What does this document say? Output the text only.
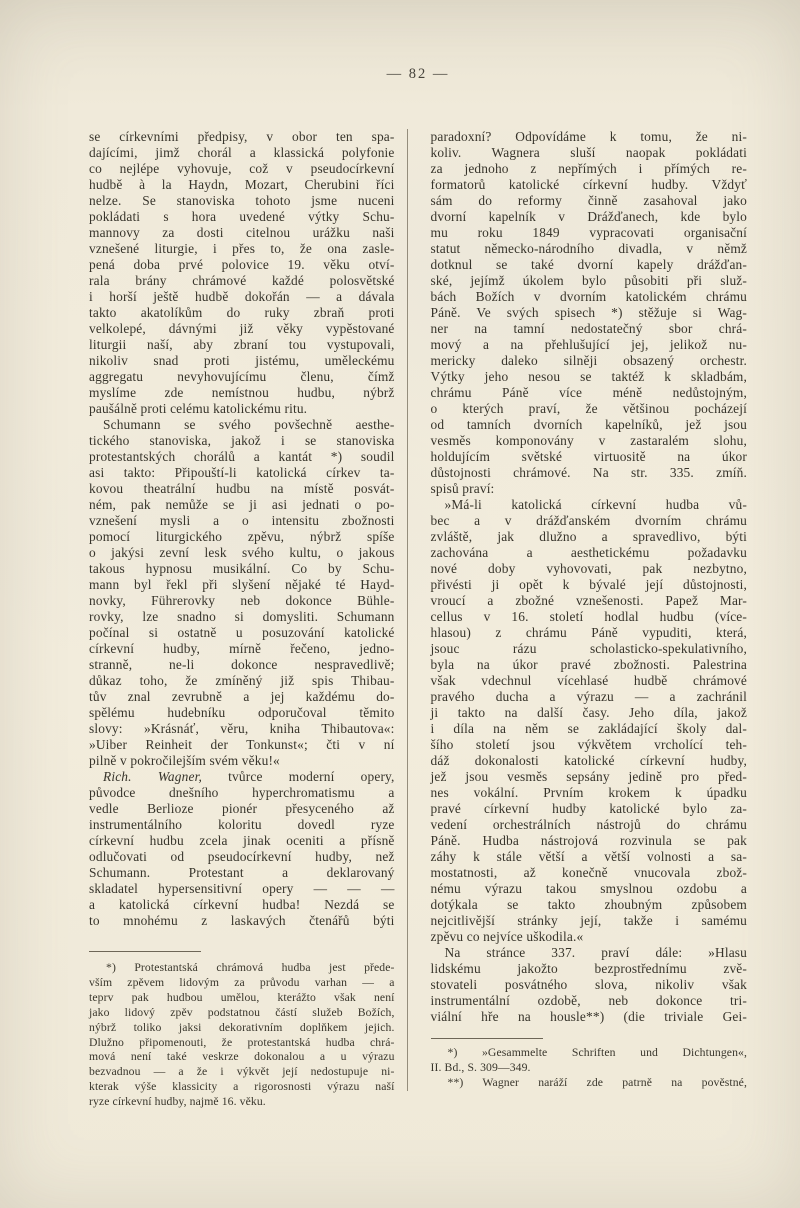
— 82 —
se církevními předpisy, v obor ten spa-
dajícími, jimž chorál a klassická polyfonie
co nejlépe vyhovuje, což v pseudocírkevní
hudbě à la Haydn, Mozart, Cherubini říci
nelze. Se stanoviska tohoto jsme nuceni
pokládati s hora uvedené výtky Schu-
mannovy za dosti citelnou urážku naši
vznešené liturgie, i přes to, že ona zasle-
pená doba prvé polovice 19. věku otví-
rala brány chrámové každé polosvětské
i horší ještě hudbě dokořán — a dávala
takto akatolíkům do ruky zbraň proti
velkolepé, dávnými již věky vypěstované
liturgii naší, aby zbraní tou vystupovali,
nikoliv snad proti jistému, uměleckému
aggregatu nevyhovujícímu členu, čímž
myslíme zde nemístnou hudbu, nýbrž
paušálně proti celému katolickému ritu.
Schumann se svého povšechně aesthe-
tického stanoviska, jakož i se stanoviska
protestantských chorálů a kantát *) soudil
asi takto: Připouští-li katolická církev ta-
kovou theatrální hudbu na místě posvát-
ném, pak nemůže se ji asi jednati o po-
vznešení mysli a o intensitu zbožnosti
pomocí liturgického zpěvu, nýbrž spíše
o jakýsi zevní lesk svého kultu, o jakous
takous hypnosu musikální. Co by Schu-
mann byl řekl při slyšení nějaké té Hayd-
novky, Führerovky neb dokonce Bühle-
rovky, lze snadno si domysliti. Schumann
počínal si ostatně u posuzování katolické
církevní hudby, mírně řečeno, jedno-
stranně, ne-li dokonce nespravedlivě;
důkaz toho, že zmíněný již spis Thibau-
tův znal zevrubně a jej každému do-
spělému hudebníku odporučoval těmito
slovy: »Krásnáť, věru, kniha Thibautova«:
»Uiber Reinheit der Tonkunst«; čti v ní
pilně v pokročilejším svém věku!«
Rich. Wagner, tvůrce moderní opery,
původce dnešního hyperchromatismu a
vedle Berlioze pionér přesyceného až
instrumentálního koloritu dovedl ryze
církevní hudbu zcela jinak oceniti a přísně
odlučovati od pseudocírkevní hudby, než
Schumann. Protestant a deklarovaný
skladatel hypersensitivní opery — — —
a katolická církevní hudba! Nezdá se
to mnohému z laskavých čtenářů býti
*) Protestantská chrámová hudba jest přede-
vším zpěvem lidovým za průvodu varhan — a
teprv pak hudbou umělou, kterážto však není
jako lidový zpěv podstatnou částí služeb Božích,
nýbrž toliko jaksi dekorativním doplňkem jejich.
Dlužno připomenouti, že protestantská hudba chrá-
mová není také veskrze dokonalou a u výrazu
bezvadnou — a že i výkvět její nedostupuje ni-
kterak výše klassicity a rigorosnosti výrazu naší
ryze církevní hudby, najmě 16. věku.
paradoxní? Odpovídáme k tomu, že ni-
koliv. Wagnera sluší naopak pokládati
za jednoho z nepřímých i přímých re-
formatorů katolické církevní hudby. Vždyť
sám do reformy činně zasahoval jako
dvorní kapelník v Drážďanech, kde bylo
mu roku 1849 vypracovati organisační
statut německo-národního divadla, v němž
dotknul se také dvorní kapely drážďan-
ské, jejímž úkolem bylo působiti při služ-
bách Božích v dvorním katolickém chrámu
Páně. Ve svých spisech *) stěžuje si Wag-
ner na tamní nedostatečný sbor chrá-
mový a na přehlušující jej, jelikož nu-
mericky daleko silněji obsazený orchestr.
Výtky jeho nesou se taktéž k skladbám,
chrámu Páně více méně nedůstojným,
o kterých praví, že většinou pocházejí
od tamních dvorních kapelníků, jež jsou
vesměs komponovány v zastaralém slohu,
holdujícím světské virtuositě na úkor
důstojnosti chrámové. Na str. 335. zmíň.
spisů praví:
»Má-li katolická církevní hudba vů-
bec a v drážďanském dvorním chrámu
zvláště, jak dlužno a spravedlivo, býti
zachována a aesthetickému požadavku
nové doby vyhovovati, pak nezbytno,
přivésti ji opět k bývalé její důstojnosti,
vroucí a zbožné vznešenosti. Papež Mar-
cellus v 16. století hodlal hudbu (více-
hlasou) z chrámu Páně vypuditi, která,
jsouc rázu scholasticko-spekulativního,
byla na úkor pravé zbožnosti. Palestrina
však vdechnul vícehlasé hudbě chrámové
pravého ducha a výrazu — a zachránil
ji takto na další časy. Jeho díla, jakož
i díla na něm se zakládající školy dal-
šího století jsou výkvětem vrcholící teh-
dáž dokonalosti katolické církevní hudby,
jež jsou vesměs sepsány jedině pro před-
nes vokální. Prvním krokem k úpadku
pravé církevní hudby katolické bylo za-
vedení orchestrálních nástrojů do chrámu
Páně. Hudba nástrojová rozvinula se pak
záhy k stále větší a větší volnosti a sa-
mostatnosti, až konečně vnucovala zbož-
nému výrazu takou smyslnou ozdobu a
dotýkala se takto zhoubným způsobem
nejcitlivější stránky její, takže i samému
zpěvu co nejvíce uškodila.«
Na stránce 337. praví dále: »Hlasu
lidskému jakožto bezprostřednímu zvě-
stovateli posvátného slova, nikoliv však
instrumentální ozdobě, neb dokonce tri-
viální hře na housle**) (die triviale Gei-
*) »Gesammelte Schriften und Dichtungen«,
II. Bd., S. 309—349.
**) Wagner naráží zde patrně na pověstné,
